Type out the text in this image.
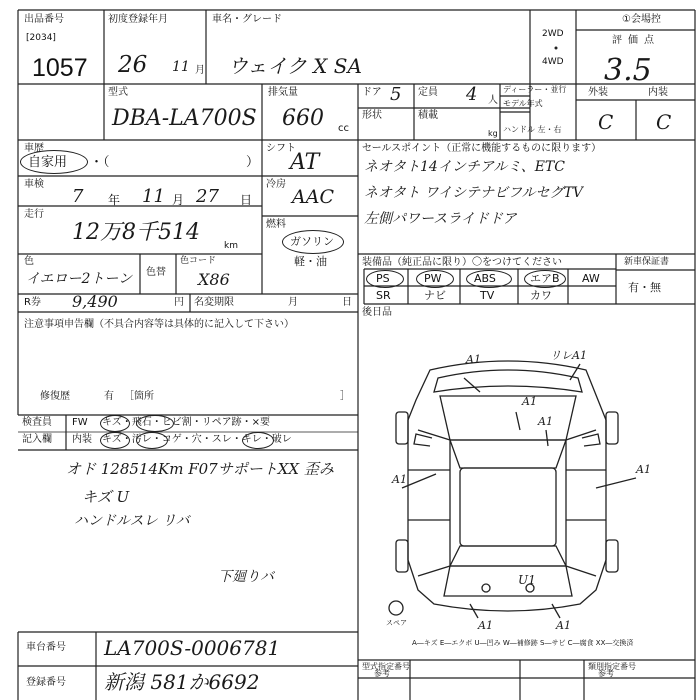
出品番号
[2034]
1057
初度登録年月
26 11 月
車名・グレード
ウェイク X SA
2WD
4WD
①会場控
評価点
3.5
型式
DBA-LA700S
排気量
660 cc
ドア 5 定員 4 人
ディーラー・並行
モデル年式
ハンドル 左・右
形状	積載
kg
外装	内装
C C
車歴
自家用 ・（	）
車検
7 年 11 月 27 日
走行
12万8千514
km
色
イエロー2トーン 色替
色コード
X86
R券 9,490	円 名変期限	月	日
シフト
AT
冷房
AAC
燃料
ガソリン
軽・油
セールスポイント（正常に機能するものに限ります）
ネオタト14インチアルミ、ETC
ネオタト ワイシテナビフルセグTV
左側パワースライドドア
装備品（純正品に限り）〇をつけてください
PS	PW	ABS	エアB AW
SR	ナビ	TV	カワ
新車保証書
有・無
後日品
注意事項申告欄（不具合内容等は具体的に記入して下さい）
修復歴	有 ［箇所	］
検査員
記入欄
FW キズ・飛石・ヒビ割・リペア跡・×要
内装 キズ・汚レ・コゲ・穴・スレ・キレ・破レ
オド 128514Km F07サポートXX 歪み
キズ U
ハンドルスレ リバ
下廻りバ
A1	リレA1
A1
A1
A1
A1
A1	A1
U1
スペア
A―キズ E―エクボ U―凹み W―補修跡 S―サビ C―腐食 XX―交換済
車台番号 LA700S-0006781
登録番号 新潟 581か6692
型式指定番号
参考
類別指定番号
参考
